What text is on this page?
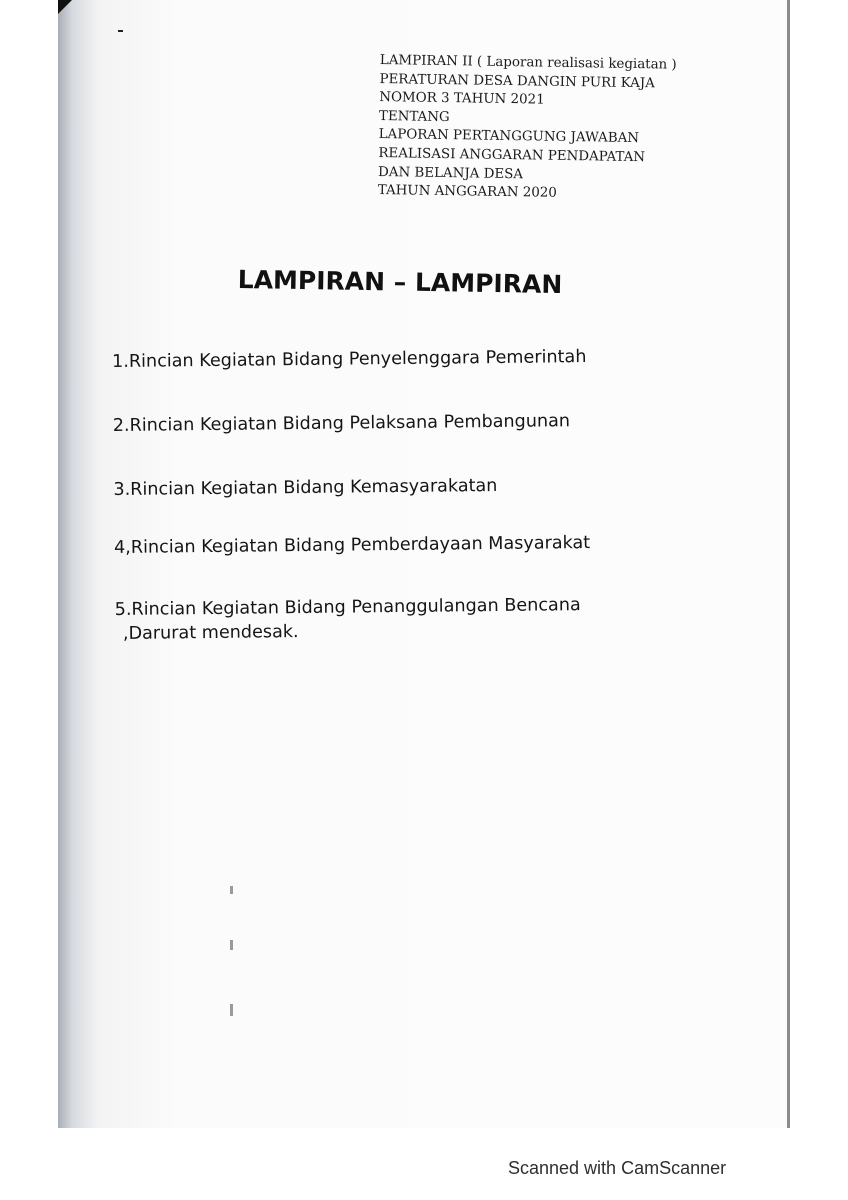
LAMPIRAN II ( Laporan realisasi kegiatan )
PERATURAN DESA DANGIN PURI KAJA
NOMOR 3 TAHUN 2021
TENTANG
LAPORAN PERTANGGUNG JAWABAN
REALISASI ANGGARAN PENDAPATAN
DAN BELANJA DESA
TAHUN ANGGARAN 2020
LAMPIRAN – LAMPIRAN
1.Rincian Kegiatan Bidang Penyelenggara Pemerintah
2.Rincian Kegiatan Bidang Pelaksana Pembangunan
3.Rincian Kegiatan Bidang Kemasyarakatan
4,Rincian Kegiatan Bidang Pemberdayaan Masyarakat
5.Rincian Kegiatan Bidang Penanggulangan Bencana
,Darurat mendesak.
Scanned with CamScanner
